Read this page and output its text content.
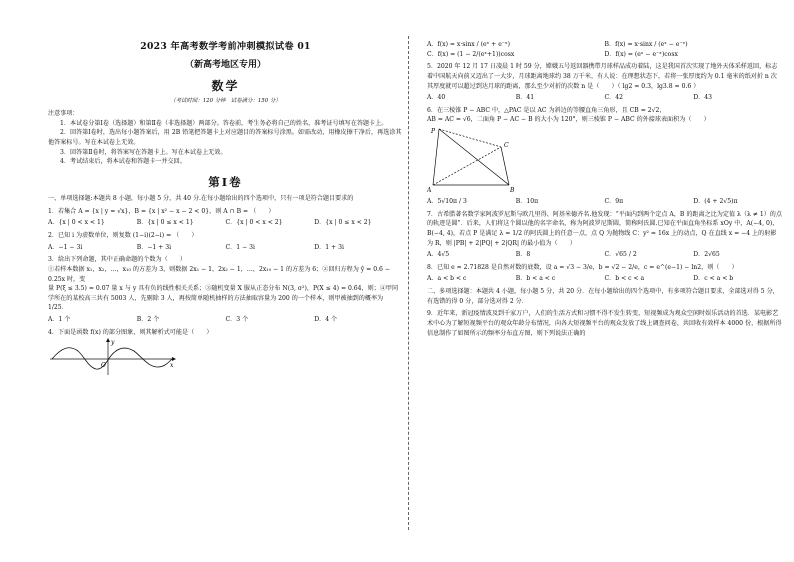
2023 年高考数学考前冲刺模拟试卷 01
（新高考地区专用）
数学
（考试时间：120 分钟　试卷满分：150 分）

注意事项：

1．本试卷分第Ⅰ卷（选择题）和第Ⅱ卷（非选择题）两部分。答卷前，考生务必将自己的姓名、准考证号填写在答题卡上。

2．回答第Ⅰ卷时，选出每小题答案后，用 2B 铅笔把答题卡上对应题目的答案标号涂黑。如需改动，用橡皮擦干净后，再选涂其他答案标号。写在本试卷上无效。

3．回答第Ⅱ卷时，将答案写在答题卡上。写在本试卷上无效。

4．考试结束后，将本试卷和答题卡一并交回。

第Ⅰ卷

一、单项选择题:本题共 8 小题，每小题 5 分，共 40 分.在每小题给出的四个选项中，只有一项是符合题目要求的

1．若集合 A = {x | y = √x}，B = {x | x² − x − 2 < 0}，则 A ∩ B = （　　）

A．{x | 0 < x < 1}	B．{x | 0 ≤ x < 1}	C．{x | 0 < x < 2}	D．{x | 0 ≤ x < 2}

2．已知 i 为虚数单位，则复数 (1−i)(2−i) = （　　）

A．−1 − 3i	B．−1 + 3i	C．1 − 3i	D．1 + 3i

3．给出下列命题，其中正确命题的个数为（　　）

①若样本数据 x₁，x₂，…，x₁₀ 的方差为 3，则数据 2x₁ − 1，2x₂ − 1，…，2x₁₀ − 1 的方差为 6；②回归方程为 ŷ = 0.6 − 0.25x 时，变

量 P(ξ ≤ 3.5) = 0.07 量 x 与 y 具有负的线性相关关系；③随机变量 X 服从正态分布 N(3, σ²)，P(X ≤ 4) = 0.64，则；④甲同学所在的某校高三共有 5003 人，先剔除 3 人，再按简单随机抽样的方法抽取容量为 200 的一个样本，则甲被抽到的概率为 1/25．

A．1 个	B．2 个	C．3 个	D．4 个

4．下面是函数 f(x) 的部分图象，则其解析式可能是（　　）

y
x
O
A．f(x) = x·sinx / (eˣ + e⁻ˣ)	B．f(x) = x·sinx / (eˣ − e⁻ˣ)
C．f(x) = (1 − 2/(eˣ+1))cosx	D．f(x) = (eˣ − e⁻ˣ)cosx

5．2020 年 12 月 17 日凌晨 1 时 59 分，嫦娥五号返回器携带月球样品成功着陆，这是我国首次实现了地外天体采样返回，标志着中国航天向前又迈出了一大步，月球距离地球约 38 万千米，有人说：在理想状态下，若将一张厚度约为 0.1 毫米的纸对折 n 次其厚度就可以超过到达月球的距离，那么至少对折的次数 n 是（　　）（ lg2 ≈ 0.3，lg3.8 ≈ 0.6 ）

A．40	B．41	C．42	D．43

6．在三棱锥 P − ABC 中，△PAC 是以 AC 为斜边的等腰直角三角形，且 CB = 2√2，

AB = AC = √6，二面角 P − AC − B 的大小为 120°，则三棱锥 P − ABC 的外接球表面积为（　　）

P
A	B
C
A．5√10π / 3	B．10π	C．9π	D．(4 + 2√5)π

7．古希腊著名数学家阿波罗尼斯与欧几里得、阿基米德齐名.他发现：“平面内到两个定点 A，B 的距离之比为定值 λ（λ ≠ 1）的点的轨迹是圆”．后来，人们将这个圆以他的名字命名，称为阿波罗尼斯圆，简称阿氏圆.已知在平面直角坐标系 xOy 中，A(−4, 0)，B(−4, 4)，若点 P 是满足 λ = 1/2 的阿氏圆上的任意一点，点 Q 为抛物线 C：y² = 16x 上的动点，Q 在直线 x = −4 上的射影为 R，则 |PB| + 2|PQ| + 2|QR| 的最小值为（　　）

A．4√5	B．8	C．√65 / 2	D．2√65

8．已知 e ≈ 2.71828 是自然对数的底数，设 a = √3 − 3/e，b = √2 − 2/e，c = e^(e−1) − ln2，则（　　）

A．a < b < c	B．b < a < c	C．b < c < a	D．c < a < b

二、多项选择题：本题共 4 小题，每小题 5 分，共 20 分．在每小题给出的四个选项中，有多项符合题目要求，全部选对得 5 分，有选错的得 0 分，部分选对得 2 分．

9．近年来，新冠疫情波及到千家万户，人们的生活方式和习惯不得不发生转变，短视频成为观众空闲时娱乐活动的首选．某电影艺术中心为了解短视频平台的观众年龄分布情况，向各大短视频平台的观众发放了线上调查问卷，共回收有效样本 4000 份，根据所得信息制作了如图所示的频率分布直方图，则下列说法正确的
